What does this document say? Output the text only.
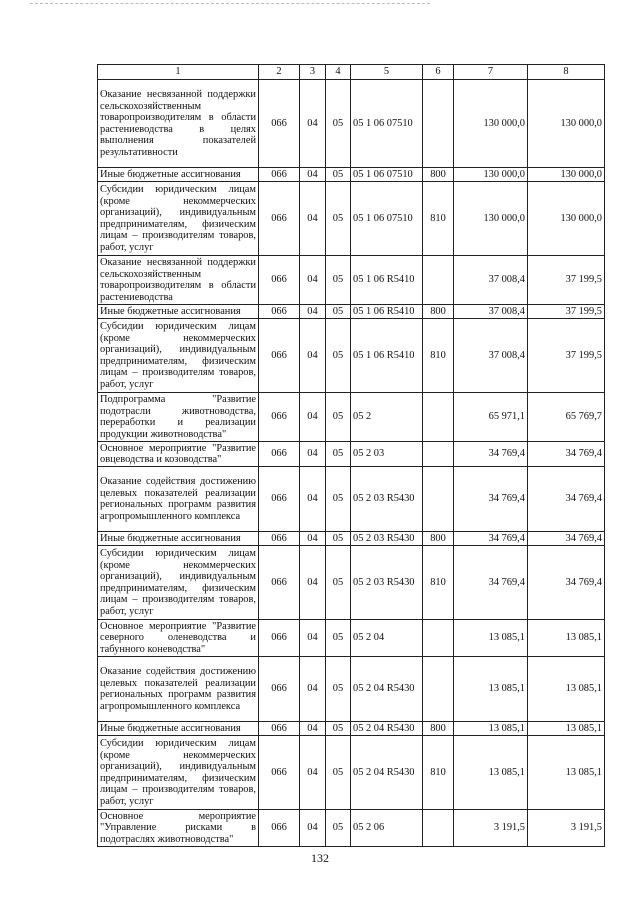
1	2	3	4	5	6	7	8
Оказание несвязанной поддержки сельскохозяйственным товаропроизводителям в области растениеводства в целях выполнения показателей результативности	066	04	05	05 1 06 07510		130 000,0	130 000,0
Иные бюджетные ассигнования	066	04	05	05 1 06 07510	800	130 000,0	130 000,0
Субсидии юридическим лицам (кроме некоммерческих организаций), индивидуальным предпринимателям, физическим лицам – производителям товаров, работ, услуг	066	04	05	05 1 06 07510	810	130 000,0	130 000,0
Оказание несвязанной поддержки сельскохозяйственным товаропроизводителям в области растениеводства	066	04	05	05 1 06 R5410		37 008,4	37 199,5
Иные бюджетные ассигнования	066	04	05	05 1 06 R5410	800	37 008,4	37 199,5
Субсидии юридическим лицам (кроме некоммерческих организаций), индивидуальным предпринимателям, физическим лицам – производителям товаров, работ, услуг	066	04	05	05 1 06 R5410	810	37 008,4	37 199,5
Подпрограмма "Развитие подотрасли животноводства, переработки и реализации продукции животноводства"	066	04	05	05 2		65 971,1	65 769,7
Основное мероприятие "Развитие овцеводства и козоводства"	066	04	05	05 2 03		34 769,4	34 769,4
Оказание содействия достижению целевых показателей реализации региональных программ развития агропромышленного комплекса	066	04	05	05 2 03 R5430		34 769,4	34 769,4
Иные бюджетные ассигнования	066	04	05	05 2 03 R5430	800	34 769,4	34 769,4
Субсидии юридическим лицам (кроме некоммерческих организаций), индивидуальным предпринимателям, физическим лицам – производителям товаров, работ, услуг	066	04	05	05 2 03 R5430	810	34 769,4	34 769,4
Основное мероприятие "Развитие северного оленеводства и табунного коневодства"	066	04	05	05 2 04		13 085,1	13 085,1
Оказание содействия достижению целевых показателей реализации региональных программ развития агропромышленного комплекса	066	04	05	05 2 04 R5430		13 085,1	13 085,1
Иные бюджетные ассигнования	066	04	05	05 2 04 R5430	800	13 085,1	13 085,1
Субсидии юридическим лицам (кроме некоммерческих организаций), индивидуальным предпринимателям, физическим лицам – производителям товаров, работ, услуг	066	04	05	05 2 04 R5430	810	13 085,1	13 085,1
Основное мероприятие "Управление рисками в подотраслях животноводства"	066	04	05	05 2 06		3 191,5	3 191,5
132
